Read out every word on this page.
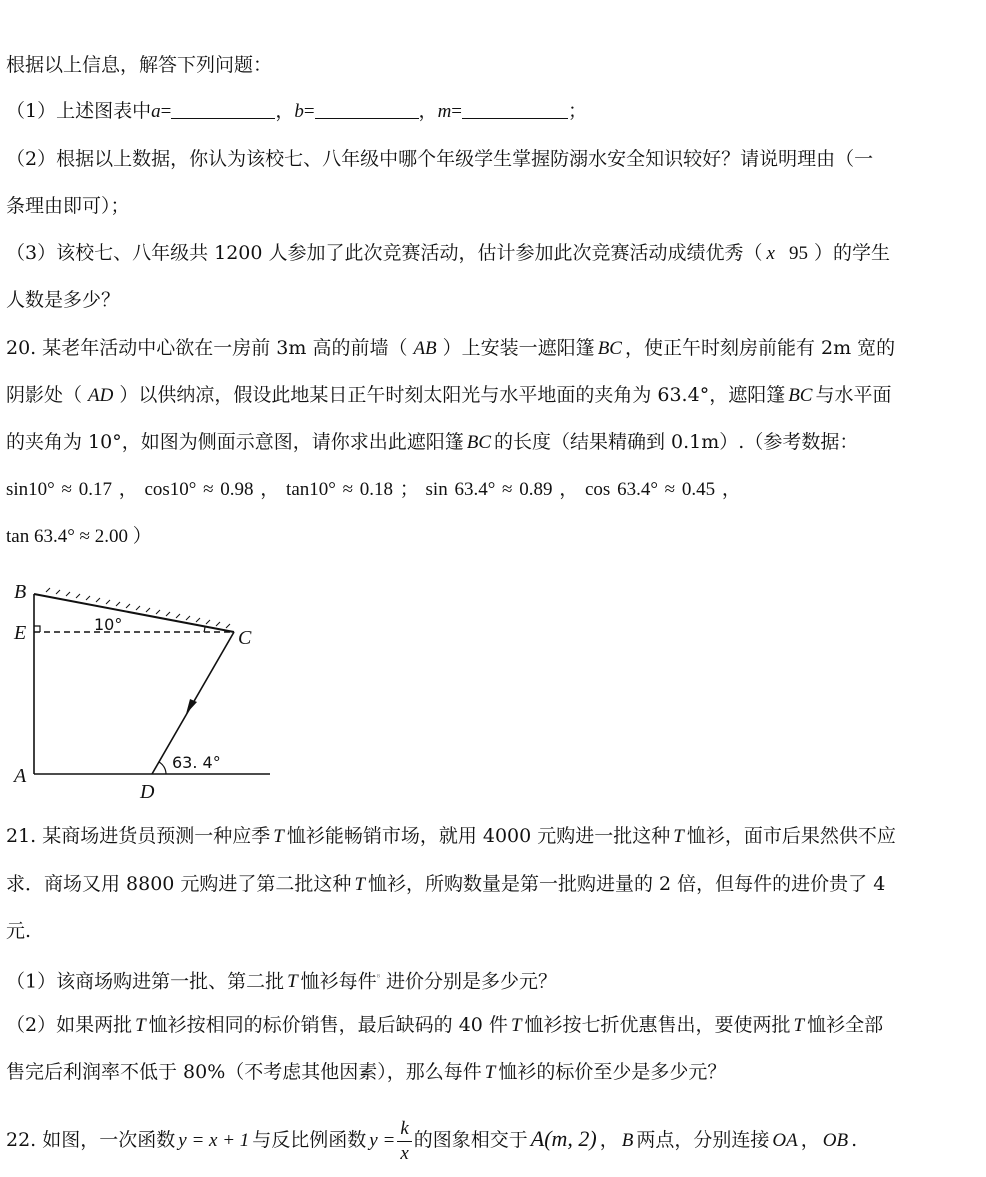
根据以上信息，解答下列问题：
（1）上述图表中a=	，b=	，m=	；
（2）根据以上数据，你认为该校七、八年级中哪个年级学生掌握防溺水安全知识较好？请说明理由（一
条理由即可）；
（3）该校七、八年级共 1200 人参加了此次竞赛活动，估计参加此次竞赛活动成绩优秀（ x 95 ）的学生
人数是多少？
20. 某老年活动中心欲在一房前 3m 高的前墙（ AB ）上安装一遮阳篷 BC ，使正午时刻房前能有 2m 宽的
阴影处（ AD ）以供纳凉，假设此地某日正午时刻太阳光与水平地面的夹角为 63.4°，遮阳篷 BC 与水平面
的夹角为 10°，如图为侧面示意图，请你求出此遮阳篷 BC 的长度（结果精确到 0.1m）.（参考数据：
sin10° ≈ 0.17 ， cos10° ≈ 0.98 ， tan10° ≈ 0.18 ； sin 63.4° ≈ 0.89 ， cos 63.4° ≈ 0.45 ，
tan 63.4° ≈ 2.00 ）
B
E	C
A
D
10°
63. 4°
21. 某商场进货员预测一种应季 T 恤衫能畅销市场，就用 4000 元购进一批这种 T 恤衫，面市后果然供不应
求．商场又用 8800 元购进了第二批这种 T 恤衫，所购数量是第一批购进量的 2 倍，但每件的进价贵了 4
元.
（1）该商场购进第一批、第二批 T 恤衫每件$^{^8}$ 进价分别是多少元？
（2）如果两批 T 恤衫按相同的标价销售，最后缺码的 40 件 T 恤衫按七折优惠售出，要使两批 T 恤衫全部
售完后利润率不低于 80%（不考虑其他因素），那么每件 T 恤衫的标价至少是多少元？
22. 如图，一次函数 y = x + 1 与反比例函数 $y = \frac{k}{x}$ 的图象相交于 A(m, 2) ， B 两点，分别连接 OA ， OB .
